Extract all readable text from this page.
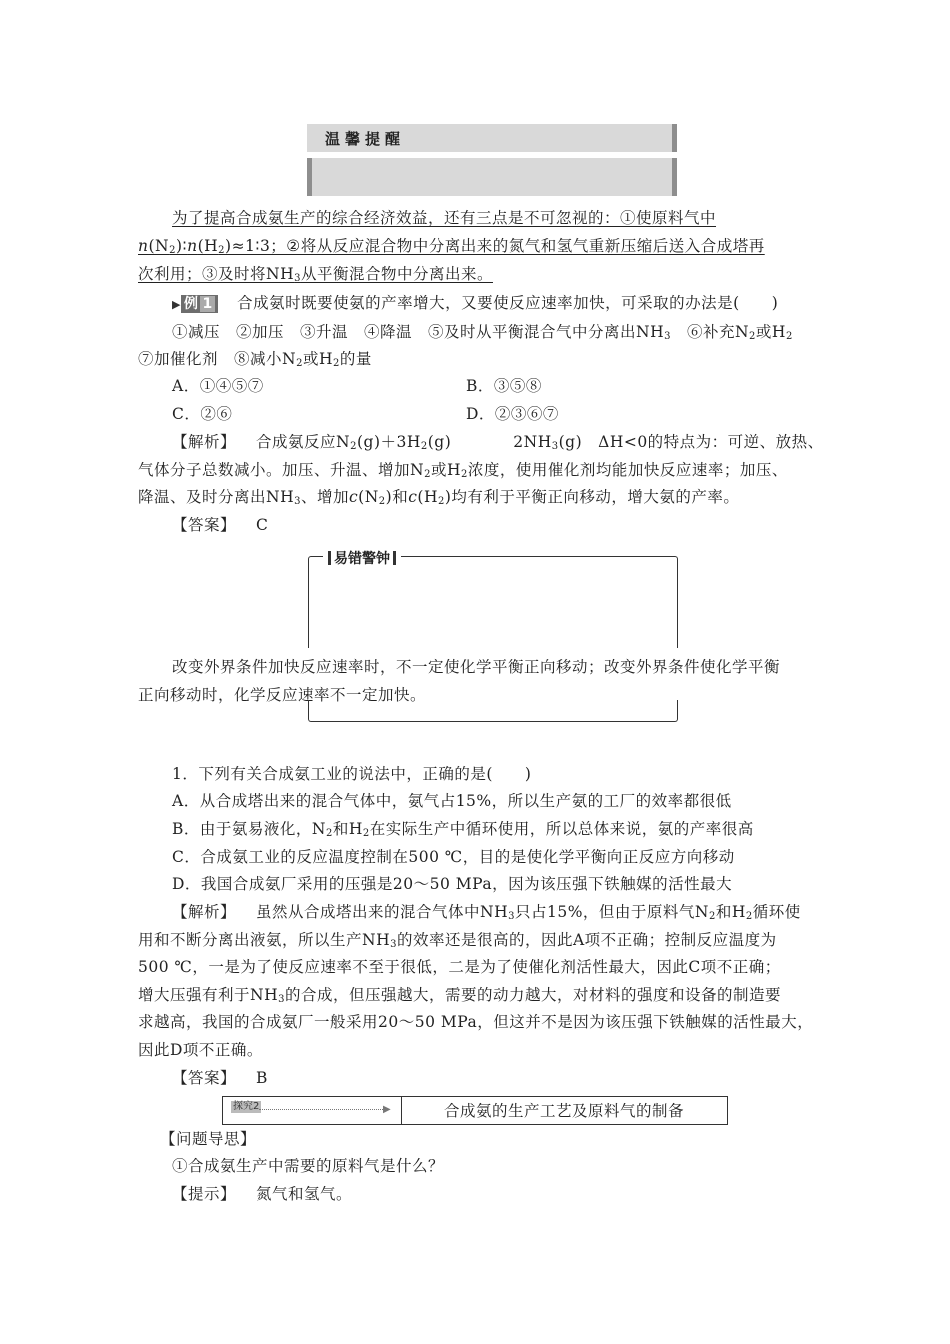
温馨提醒
为了提高合成氨生产的综合经济效益，还有三点是不可忽视的：①使原料气中
$n(N_2)∶n(H_2)\approx 1∶3$；②将从反应混合物中分离出来的氮气和氢气重新压缩后送入合成塔再
次利用；③及时将$NH_3$从平衡混合物中分离出来。
▶ 例 1 合成氨时既要使氨的产率增大，又要使反应速率加快，可采取的办法是(　　)
①减压　②加压　③升温　④降温　⑤及时从平衡混合气中分离出$NH_3$　⑥补充$N_2$或$H_2$
⑦加催化剂　⑧减小$N_2$或$H_2$的量
A．①④⑤⑦	B．③⑤⑧
C．②⑥	D．②③⑥⑦
【解析】 合成氨反应$N_2(g)+3H_2(g)$	$2NH_3(g)$　ΔH<0的特点为：可逆、放热、
气体分子总数减小。加压、升温、增加$N_2$或$H_2$浓度，使用催化剂均能加快反应速率；加压、
降温、及时分离出$NH_3$、增加$c(N_2)$和$c(H_2)$均有利于平衡正向移动，增大氨的产率。
【答案】 C
易错警钟
改变外界条件加快反应速率时，不一定使化学平衡正向移动；改变外界条件使化学平衡
正向移动时，化学反应速率不一定加快。
1．下列有关合成氨工业的说法中，正确的是(　　)
A．从合成塔出来的混合气体中，氨气占15%，所以生产氨的工厂的效率都很低
B．由于氨易液化，$N_2$和$H_2$在实际生产中循环使用，所以总体来说，氨的产率很高
C．合成氨工业的反应温度控制在500 ℃，目的是使化学平衡向正反应方向移动
D．我国合成氨厂采用的压强是20～50 MPa，因为该压强下铁触媒的活性最大
【解析】 虽然从合成塔出来的混合气体中$NH_3$只占15%，但由于原料气$N_2$和$H_2$循环使
用和不断分离出液氨，所以生产$NH_3$的效率还是很高的，因此A项不正确；控制反应温度为
500 ℃，一是为了使反应速率不至于很低，二是为了使催化剂活性最大，因此C项不正确；
增大压强有利于$NH_3$的合成，但压强越大，需要的动力越大，对材料的强度和设备的制造要
求越高，我国的合成氨厂一般采用20～50 MPa，但这并不是因为该压强下铁触媒的活性最大，
因此D项不正确。
【答案】 B
探究2	▶	合成氨的生产工艺及原料气的制备
【问题导思】
①合成氨生产中需要的原料气是什么？
【提示】 氮气和氢气。
